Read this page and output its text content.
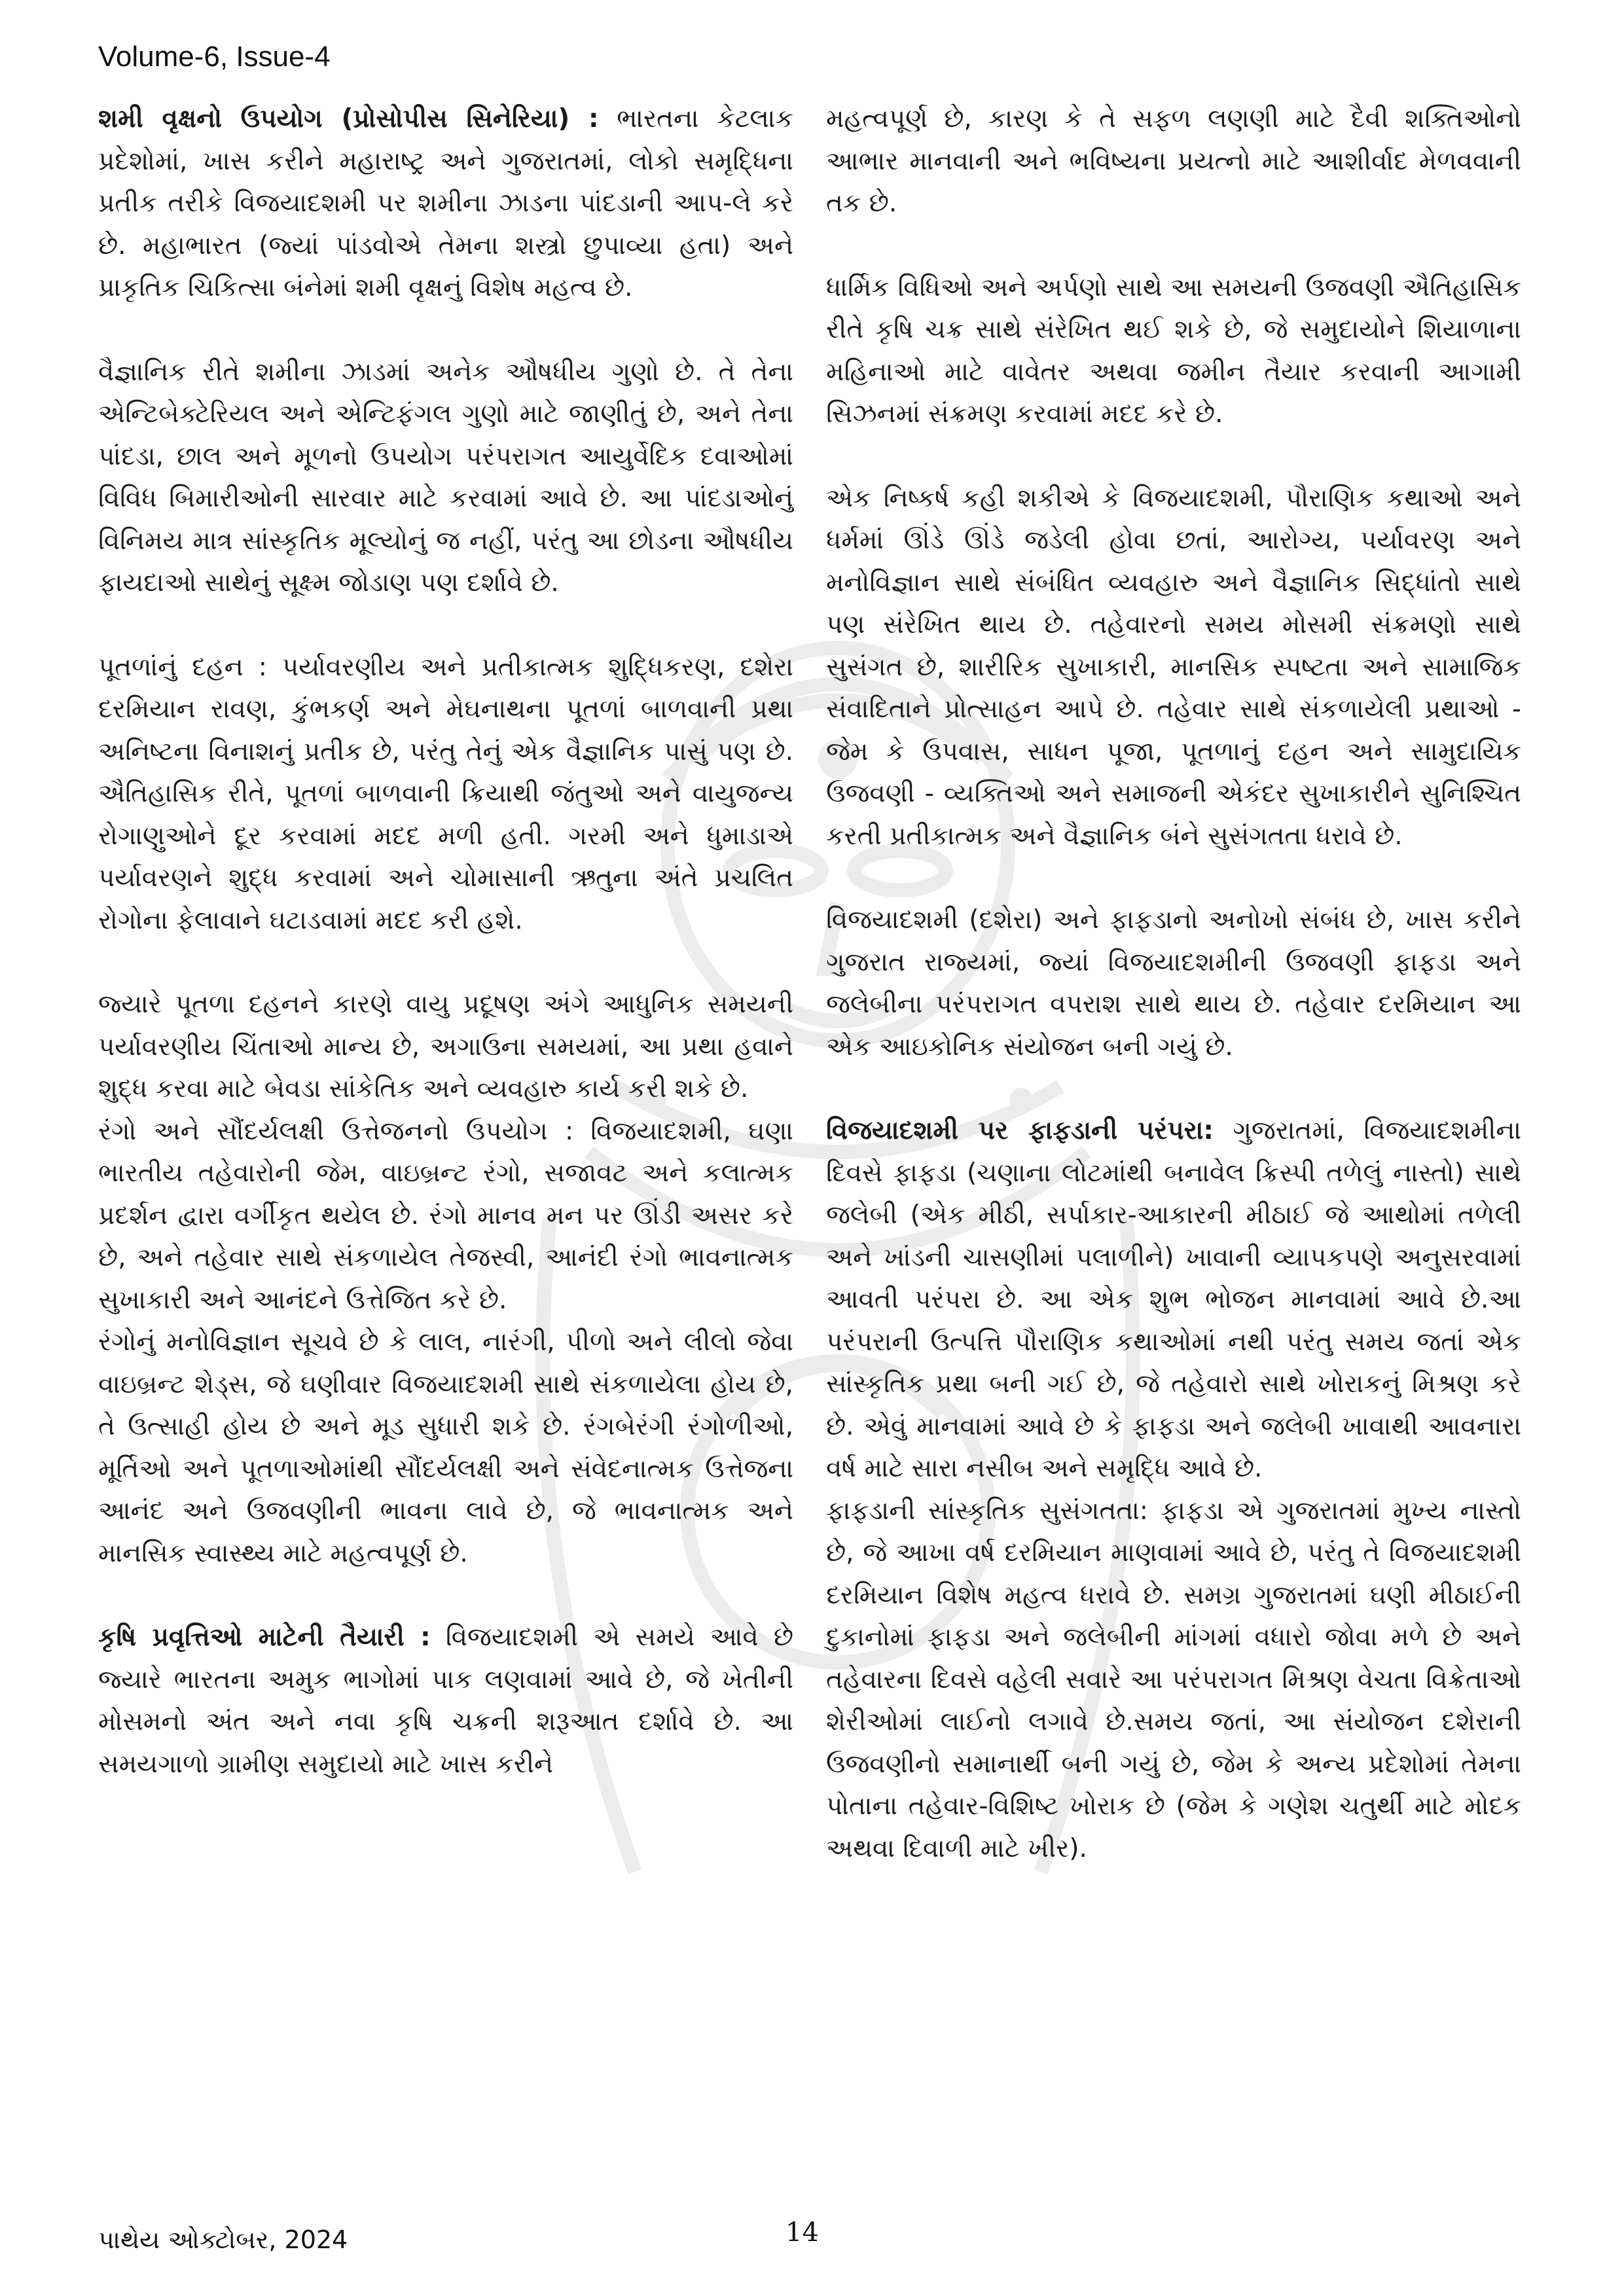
Volume-6, Issue-4

શમી વૃક્ષનો ઉપયોગ (પ્રોસોપીસ સિનેરિયા) : ભારતના કેટલાક પ્રદેશોમાં, ખાસ કરીને મહારાષ્ટ્ર અને ગુજરાતમાં, લોકો સમૃદ્ધિના પ્રતીક તરીકે વિજયાદશમી પર શમીના ઝાડના પાંદડાની આપ-લે કરે છે. મહાભારત (જ્યાં પાંડવોએ તેમના શસ્ત્રો છુપાવ્યા હતા) અને પ્રાકૃતિક ચિકિત્સા બંનેમાં શમી વૃક્ષનું વિશેષ મહત્વ છે.

વૈજ્ઞાનિક રીતે શમીના ઝાડમાં અનેક ઔષધીય ગુણો છે. તે તેના એન્ટિબેક્ટેરિયલ અને એન્ટિફંગલ ગુણો માટે જાણીતું છે, અને તેના પાંદડા, છાલ અને મૂળનો ઉપયોગ પરંપરાગત આયુર્વેદિક દવાઓમાં વિવિધ બિમારીઓની સારવાર માટે કરવામાં આવે છે. આ પાંદડાઓનું વિનિમય માત્ર સાંસ્કૃતિક મૂલ્યોનું જ નહીં, પરંતુ આ છોડના ઔષધીય ફાયદાઓ સાથેનું સૂક્ષ્મ જોડાણ પણ દર્શાવે છે.

પૂતળાંનું દહન : પર્યાવરણીય અને પ્રતીકાત્મક શુદ્ધિકરણ, દશેરા દરમિયાન રાવણ, કુંભકર્ણ અને મેઘનાથના પૂતળાં બાળવાની પ્રથા અનિષ્ટના વિનાશનું પ્રતીક છે, પરંતુ તેનું એક વૈજ્ઞાનિક પાસું પણ છે. ઐતિહાસિક રીતે, પૂતળાં બાળવાની ક્રિયાથી જંતુઓ અને વાયુજન્ય રોગાણુઓને દૂર કરવામાં મદદ મળી હતી. ગરમી અને ધુમાડાએ પર્યાવરણને શુદ્ધ કરવામાં અને ચોમાસાની ઋતુના અંતે પ્રચલિત રોગોના ફેલાવાને ઘટાડવામાં મદદ કરી હશે.

જ્યારે પૂતળા દહનને કારણે વાયુ પ્રદૂષણ અંગે આધુનિક સમયની પર્યાવરણીય ચિંતાઓ માન્ય છે, અગાઉના સમયમાં, આ પ્રથા હવાને શુદ્ધ કરવા માટે બેવડા સાંકેતિક અને વ્યવહારુ કાર્ય કરી શકે છે.

રંગો અને સૌંદર્યલક્ષી ઉત્તેજનનો ઉપયોગ : વિજયાદશમી, ઘણા ભારતીય તહેવારોની જેમ, વાઇબ્રન્ટ રંગો, સજાવટ અને કલાત્મક પ્રદર્શન દ્વારા વર્ગીકૃત થયેલ છે. રંગો માનવ મન પર ઊંડી અસર કરે છે, અને તહેવાર સાથે સંકળાયેલ તેજસ્વી, આનંદી રંગો ભાવનાત્મક સુખાકારી અને આનંદને ઉત્તેજિત કરે છે.

રંગોનું મનોવિજ્ઞાન સૂચવે છે કે લાલ, નારંગી, પીળો અને લીલો જેવા વાઇબ્રન્ટ શેડ્સ, જે ઘણીવાર વિજયાદશમી સાથે સંકળાયેલા હોય છે, તે ઉત્સાહી હોય છે અને મૂડ સુધારી શકે છે. રંગબેરંગી રંગોળીઓ, મૂર્તિઓ અને પૂતળાઓમાંથી સૌંદર્યલક્ષી અને સંવેદનાત્મક ઉત્તેજના આનંદ અને ઉજવણીની ભાવના લાવે છે, જે ભાવનાત્મક અને માનસિક સ્વાસ્થ્ય માટે મહત્વપૂર્ણ છે.

કૃષિ પ્રવૃત્તિઓ માટેની તૈયારી : વિજયાદશમી એ સમયે આવે છે જ્યારે ભારતના અમુક ભાગોમાં પાક લણવામાં આવે છે, જે ખેતીની મોસમનો અંત અને નવા કૃષિ ચક્રની શરૂઆત દર્શાવે છે. આ સમયગાળો ગ્રામીણ સમુદાયો માટે ખાસ કરીને

મહત્વપૂર્ણ છે, કારણ કે તે સફળ લણણી માટે દૈવી શક્તિઓનો આભાર માનવાની અને ભવિષ્યના પ્રયત્નો માટે આશીર્વાદ મેળવવાની તક છે.

ધાર્મિક વિધિઓ અને અર્પણો સાથે આ સમયની ઉજવણી ઐતિહાસિક રીતે કૃષિ ચક્ર સાથે સંરેખિત થઈ શકે છે, જે સમુદાયોને શિયાળાના મહિનાઓ માટે વાવેતર અથવા જમીન તૈયાર કરવાની આગામી સિઝનમાં સંક્રમણ કરવામાં મદદ કરે છે.

એક નિષ્કર્ષ કહી શકીએ કે વિજયાદશમી, પૌરાણિક કથાઓ અને ધર્મમાં ઊંડે ઊંડે જડેલી હોવા છતાં, આરોગ્ય, પર્યાવરણ અને મનોવિજ્ઞાન સાથે સંબંધિત વ્યવહારુ અને વૈજ્ઞાનિક સિદ્ધાંતો સાથે પણ સંરેખિત થાય છે. તહેવારનો સમય મોસમી સંક્રમણો સાથે સુસંગત છે, શારીરિક સુખાકારી, માનસિક સ્પષ્ટતા અને સામાજિક સંવાદિતાને પ્રોત્સાહન આપે છે. તહેવાર સાથે સંકળાયેલી પ્રથાઓ - જેમ કે ઉપવાસ, સાધન પૂજા, પૂતળાનું દહન અને સામુદાયિક ઉજવણી - વ્યક્તિઓ અને સમાજની એકંદર સુખાકારીને સુનિશ્ચિત કરતી પ્રતીકાત્મક અને વૈજ્ઞાનિક બંને સુસંગતતા ધરાવે છે.

વિજયાદશમી (દશેરા) અને ફાફડાનો અનોખો સંબંધ છે, ખાસ કરીને ગુજરાત રાજ્યમાં, જ્યાં વિજયાદશમીની ઉજવણી ફાફડા અને જલેબીના પરંપરાગત વપરાશ સાથે થાય છે. તહેવાર દરમિયાન આ એક આઇકોનિક સંયોજન બની ગયું છે.

વિજયાદશમી પર ફાફડાની પરંપરા: ગુજરાતમાં, વિજયાદશમીના દિવસે ફાફડા (ચણાના લોટમાંથી બનાવેલ ક્રિસ્પી તળેલું નાસ્તો) સાથે જલેબી (એક મીઠી, સર્પાકાર-આકારની મીઠાઈ જે આથોમાં તળેલી અને ખાંડની ચાસણીમાં પલાળીને) ખાવાની વ્યાપકપણે અનુસરવામાં આવતી પરંપરા છે. આ એક શુભ ભોજન માનવામાં આવે છે.આ પરંપરાની ઉત્પત્તિ પૌરાણિક કથાઓમાં નથી પરંતુ સમય જતાં એક સાંસ્કૃતિક પ્રથા બની ગઈ છે, જે તહેવારો સાથે ખોરાકનું મિશ્રણ કરે છે. એવું માનવામાં આવે છે કે ફાફડા અને જલેબી ખાવાથી આવનારા વર્ષ માટે સારા નસીબ અને સમૃદ્ધિ આવે છે.

ફાફડાની સાંસ્કૃતિક સુસંગતતા: ફાફડા એ ગુજરાતમાં મુખ્ય નાસ્તો છે, જે આખા વર્ષ દરમિયાન માણવામાં આવે છે, પરંતુ તે વિજયાદશમી દરમિયાન વિશેષ મહત્વ ધરાવે છે. સમગ્ર ગુજરાતમાં ઘણી મીઠાઈની દુકાનોમાં ફાફડા અને જલેબીની માંગમાં વધારો જોવા મળે છે અને તહેવારના દિવસે વહેલી સવારે આ પરંપરાગત મિશ્રણ વેચતા વિક્રેતાઓ શેરીઓમાં લાઈનો લગાવે છે.સમય જતાં, આ સંયોજન દશેરાની ઉજવણીનો સમાનાર્થી બની ગયું છે, જેમ કે અન્ય પ્રદેશોમાં તેમના પોતાના તહેવાર-વિશિષ્ટ ખોરાક છે (જેમ કે ગણેશ ચતુર્થી માટે મોદક અથવા દિવાળી માટે ખીર).

પાથેય ઓક્ટોબર, 2024	14
